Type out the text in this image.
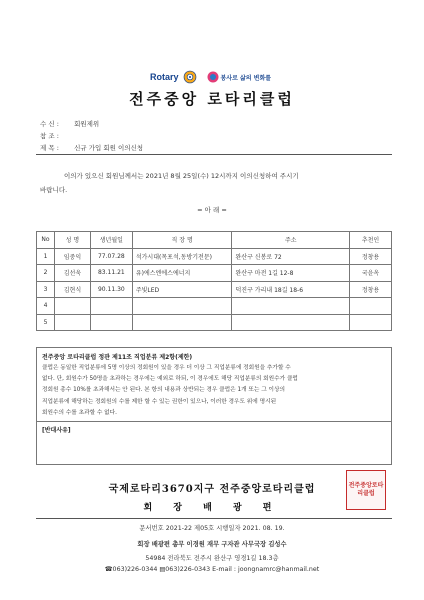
Rotary	봉사로 삶의 변화를
전주중앙 로타리클럽
수 신 : 회원제위
참 조 :
제 목 : 신규 가입 회원 이의신청
이의가 있으신 회원님께서는 2021년 8월 25일(수) 12시까지 이의신청하여 주시기
바랍니다.
= 아 래 =
No	성 명	생년월일	직 장 명	주소	추천인
1	임중익	77.07.28	석가시대(목포석,동방기전문)	완산구 신봉로 72	정창용
2	김선욱	83.11.21	유)에스엔에스에너지	완산구 마전 1길 12-8	국윤옥
3	김현식	90.11.30	주빛LED	덕진구 가리내 18길 18-6	정창용
4					
5					
전주중앙 로타리클럽 정관 제11조 직업분류 제2항(제한)
클럽은 동일한 직업분류에 5명 이상의 정회원이 있을 경우 더 이상 그 직업분류에 정회원을 추가할 수
없다. 단, 회원수가 50명을 초과하는 경우에는 예외로 하되, 이 경우에도 해당 직업분류의 회원수가 클럽
정회원 총수 10%를 초과해서는 안 된다. 본 항의 내용과 상반되는 경우 클럽은 1개 또는 그 이상의
직업분류에 해당하는 정회원의 수를 제한 할 수 있는 권한이 있으나, 이러한 경우도 위에 명시된
회원수의 수를 초과할 수 없다.
[반대사유]
국제로타리3670지구 전주중앙로타리클럽
회 장 배 광 편
전주중앙로타리클럽
문서번호 2021-22 제05호 시행일자 2021. 08. 19.
회장 배광편 총무 이경원 재무 구자관 사무국장 김성수
54984 전라북도 전주시 완산구 영경1길 18.3층
☎063)226-0344 ▤063)226-0343 E-mail : joongnamrc@hanmail.net
